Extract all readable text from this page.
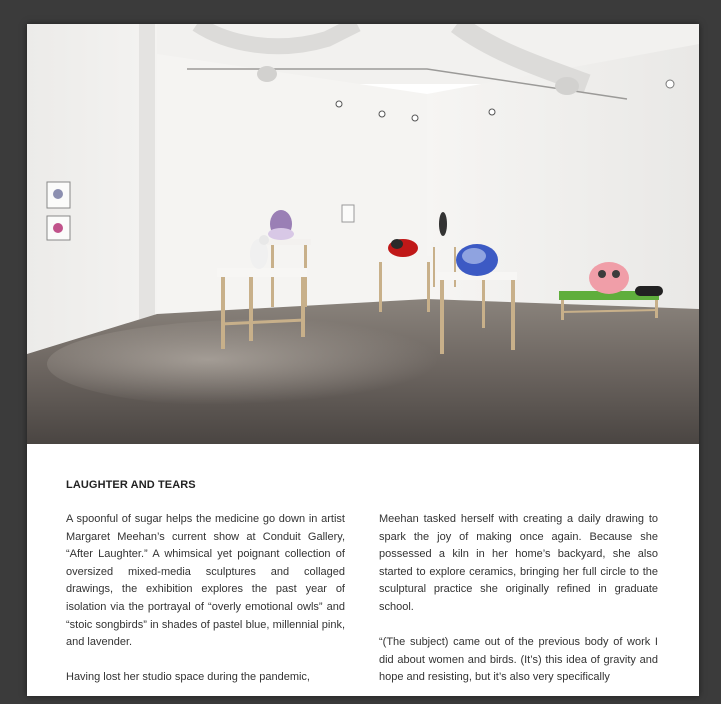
LAUGHTER AND TEARS

A spoonful of sugar helps the medicine go down in artist Margaret Meehan’s current show at Conduit Gallery, “After Laughter.” A whimsical yet poignant collection of oversized mixed-media sculptures and collaged drawings, the exhibition explores the past year of isolation via the portrayal of “overly emotional owls” and “stoic songbirds” in shades of pastel blue, millennial pink, and lavender.

Having lost her studio space during the pandemic,

Meehan tasked herself with creating a daily drawing to spark the joy of making once again. Because she possessed a kiln in her home’s backyard, she also started to explore ceramics, bringing her full circle to the sculptural practice she originally refined in graduate school.

“(The subject) came out of the previous body of work I did about women and birds. (It’s) this idea of gravity and hope and resisting, but it’s also very specifically
